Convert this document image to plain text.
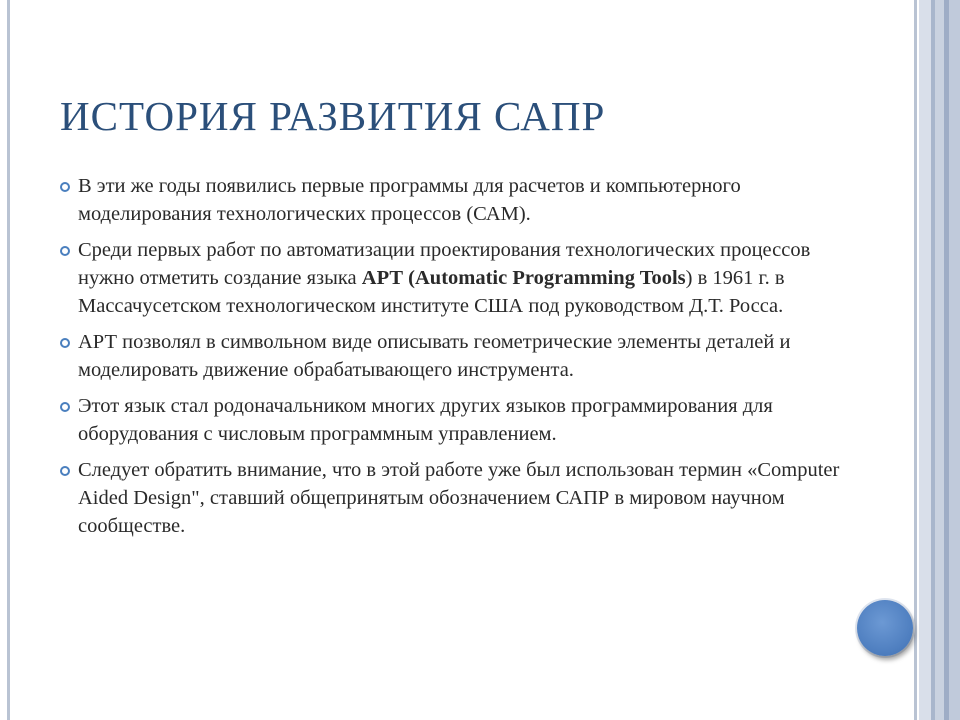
ИСТОРИЯ РАЗВИТИЯ САПР
В эти же годы появились первые программы для расчетов и компьютерного моделирования технологических процессов (САМ).
Среди первых работ по автоматизации проектирования технологических процессов нужно отметить создание языка АРТ (Automatic Programming Tools) в 1961 г. в Массачусетском технологическом институте США под руководством Д.Т. Росса.
АРТ позволял в символьном виде описывать геометрические элементы деталей и моделировать движение обрабатывающего инструмента.
Этот язык стал родоначальником многих других языков программирования для оборудования с числовым программным управлением.
Следует обратить внимание, что в этой работе уже был использован термин «Computer Aided Design", ставший общепринятым обозначением САПР в мировом научном сообществе.
